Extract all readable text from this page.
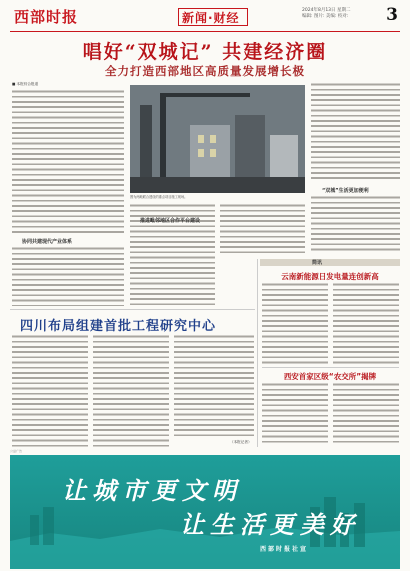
西部时报	新闻·财经
2024年8月13日 星期二
编辑: 图片: 美编: 校对:	3
唱好“双城记” 共建经济圈
全力打造西部地区高质量发展增长极
■ 本报综合报道
协同共建现代产业体系
图为两地联合建设的重点项目施工现场。
推进毗邻地区合作平台建设
“双城”生活更加便利
四川布局组建首批工程研究中心
（本报记者）
简讯
云南新能源日发电量连创新高
西安首家区级“农交所”揭牌
公益广告
让城市更文明
让生活更美好
西部时报社宣
